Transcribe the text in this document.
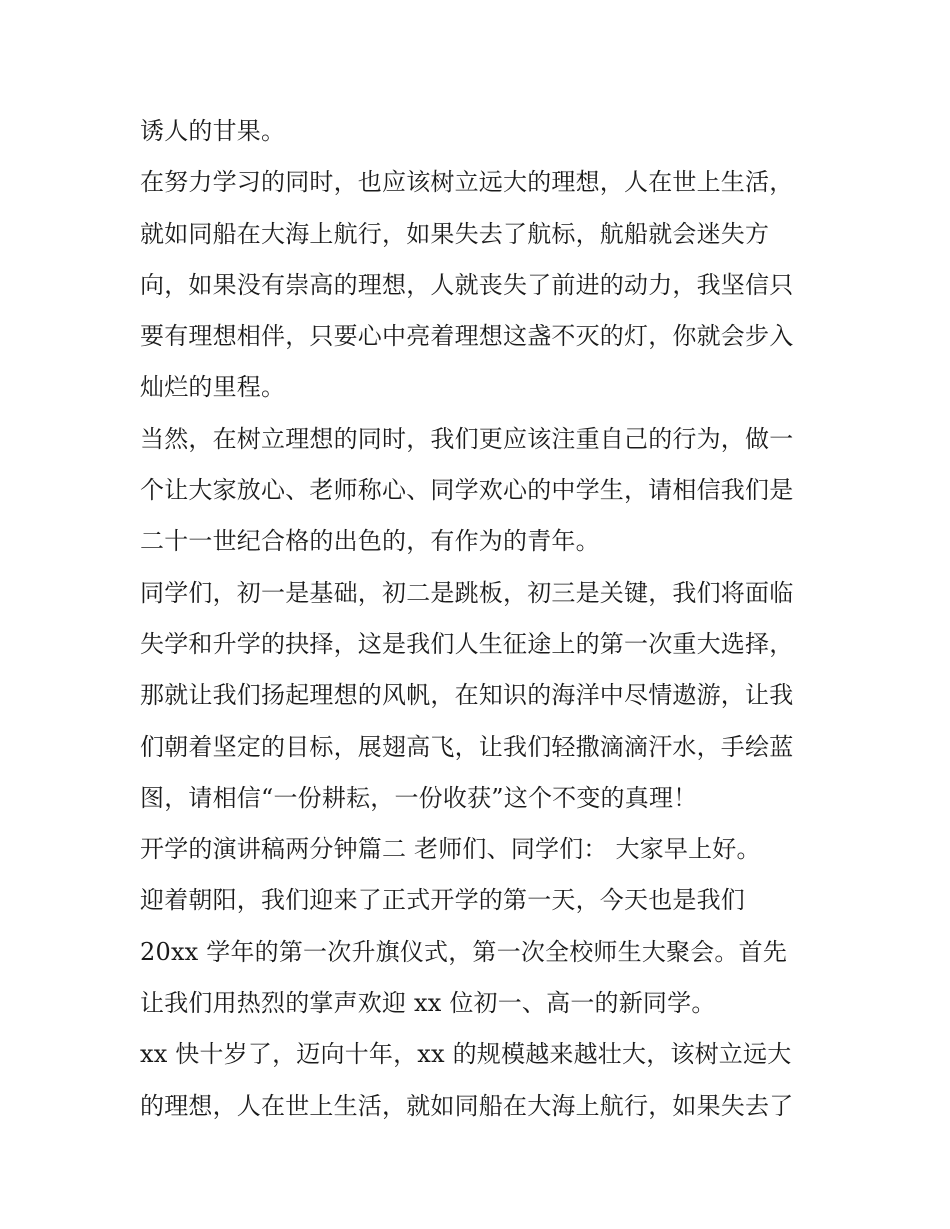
诱人的甘果。
在努力学习的同时，也应该树立远大的理想，人在世上生活，
就如同船在大海上航行，如果失去了航标，航船就会迷失方
向，如果没有崇高的理想，人就丧失了前进的动力，我坚信只
要有理想相伴，只要心中亮着理想这盏不灭的灯，你就会步入
灿烂的里程。
当然，在树立理想的同时，我们更应该注重自己的行为，做一
个让大家放心、老师称心、同学欢心的中学生，请相信我们是
二十一世纪合格的出色的，有作为的青年。
同学们，初一是基础，初二是跳板，初三是关键，我们将面临
失学和升学的抉择，这是我们人生征途上的第一次重大选择，
那就让我们扬起理想的风帆，在知识的海洋中尽情遨游，让我
们朝着坚定的目标，展翅高飞，让我们轻撒滴滴汗水，手绘蓝
图，请相信“一份耕耘，一份收获”这个不变的真理！
开学的演讲稿两分钟篇二 老师们、同学们： 大家早上好。
迎着朝阳，我们迎来了正式开学的第一天，今天也是我们
20xx 学年的第一次升旗仪式，第一次全校师生大聚会。首先
让我们用热烈的掌声欢迎 xx 位初一、高一的新同学。
xx 快十岁了，迈向十年，xx 的规模越来越壮大，该树立远大
的理想，人在世上生活，就如同船在大海上航行，如果失去了
